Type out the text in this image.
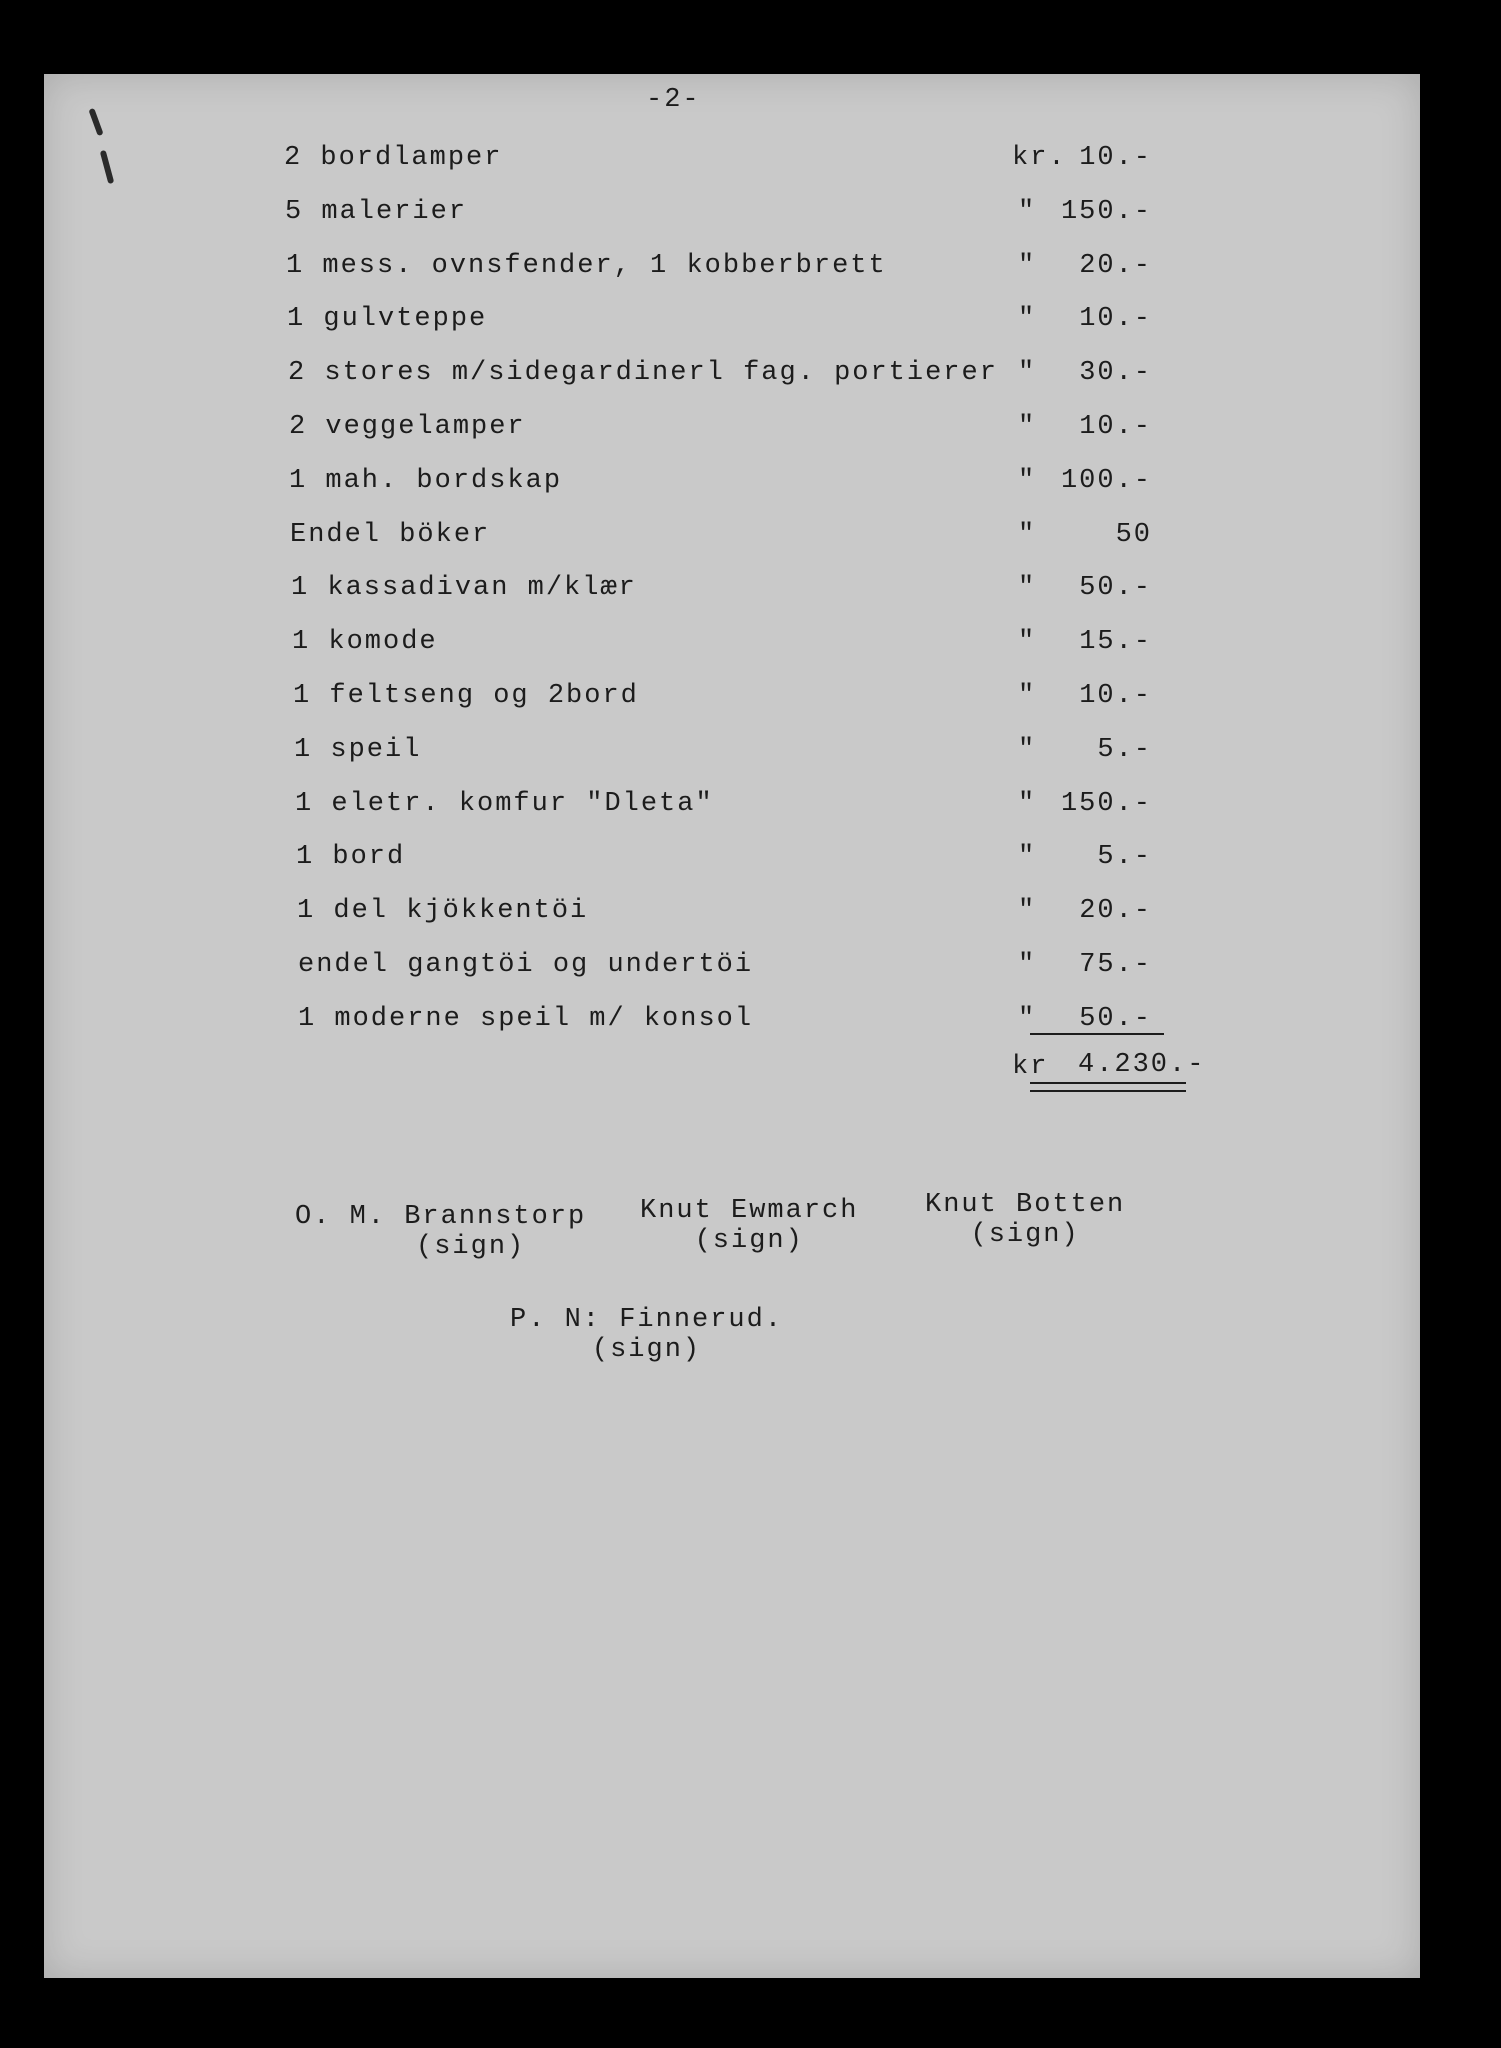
-2-
2 bordlamper	kr. 10.-
5 malerier	" 150.-
1 mess. ovnsfender, 1 kobberbrett	"	20.-
1 gulvteppe	"	10.-
2 stores m/sidegardinerl fag. portierer "	30.-
2 veggelamper	"	10.-
1 mah. bordskap	" 100.-
Endel böker	"	50
1 kassadivan m/klær	"	50.-
1 komode	"	15.-
1 feltseng og 2bord	"	10.-
1 speil	"	5.-
1 eletr. komfur "Dleta"	" 150.-
1 bord	"	5.-
1 del kjökkentöi	"	20.-
endel gangtöi og undertöi	"	75.-
1 moderne speil m/ konsol	"	50.-
kr 4.230.-
O. M. Brannstorp
(sign)
Knut Ewmarch
(sign)
Knut Botten
(sign)
P. N: Finnerud.
(sign)
